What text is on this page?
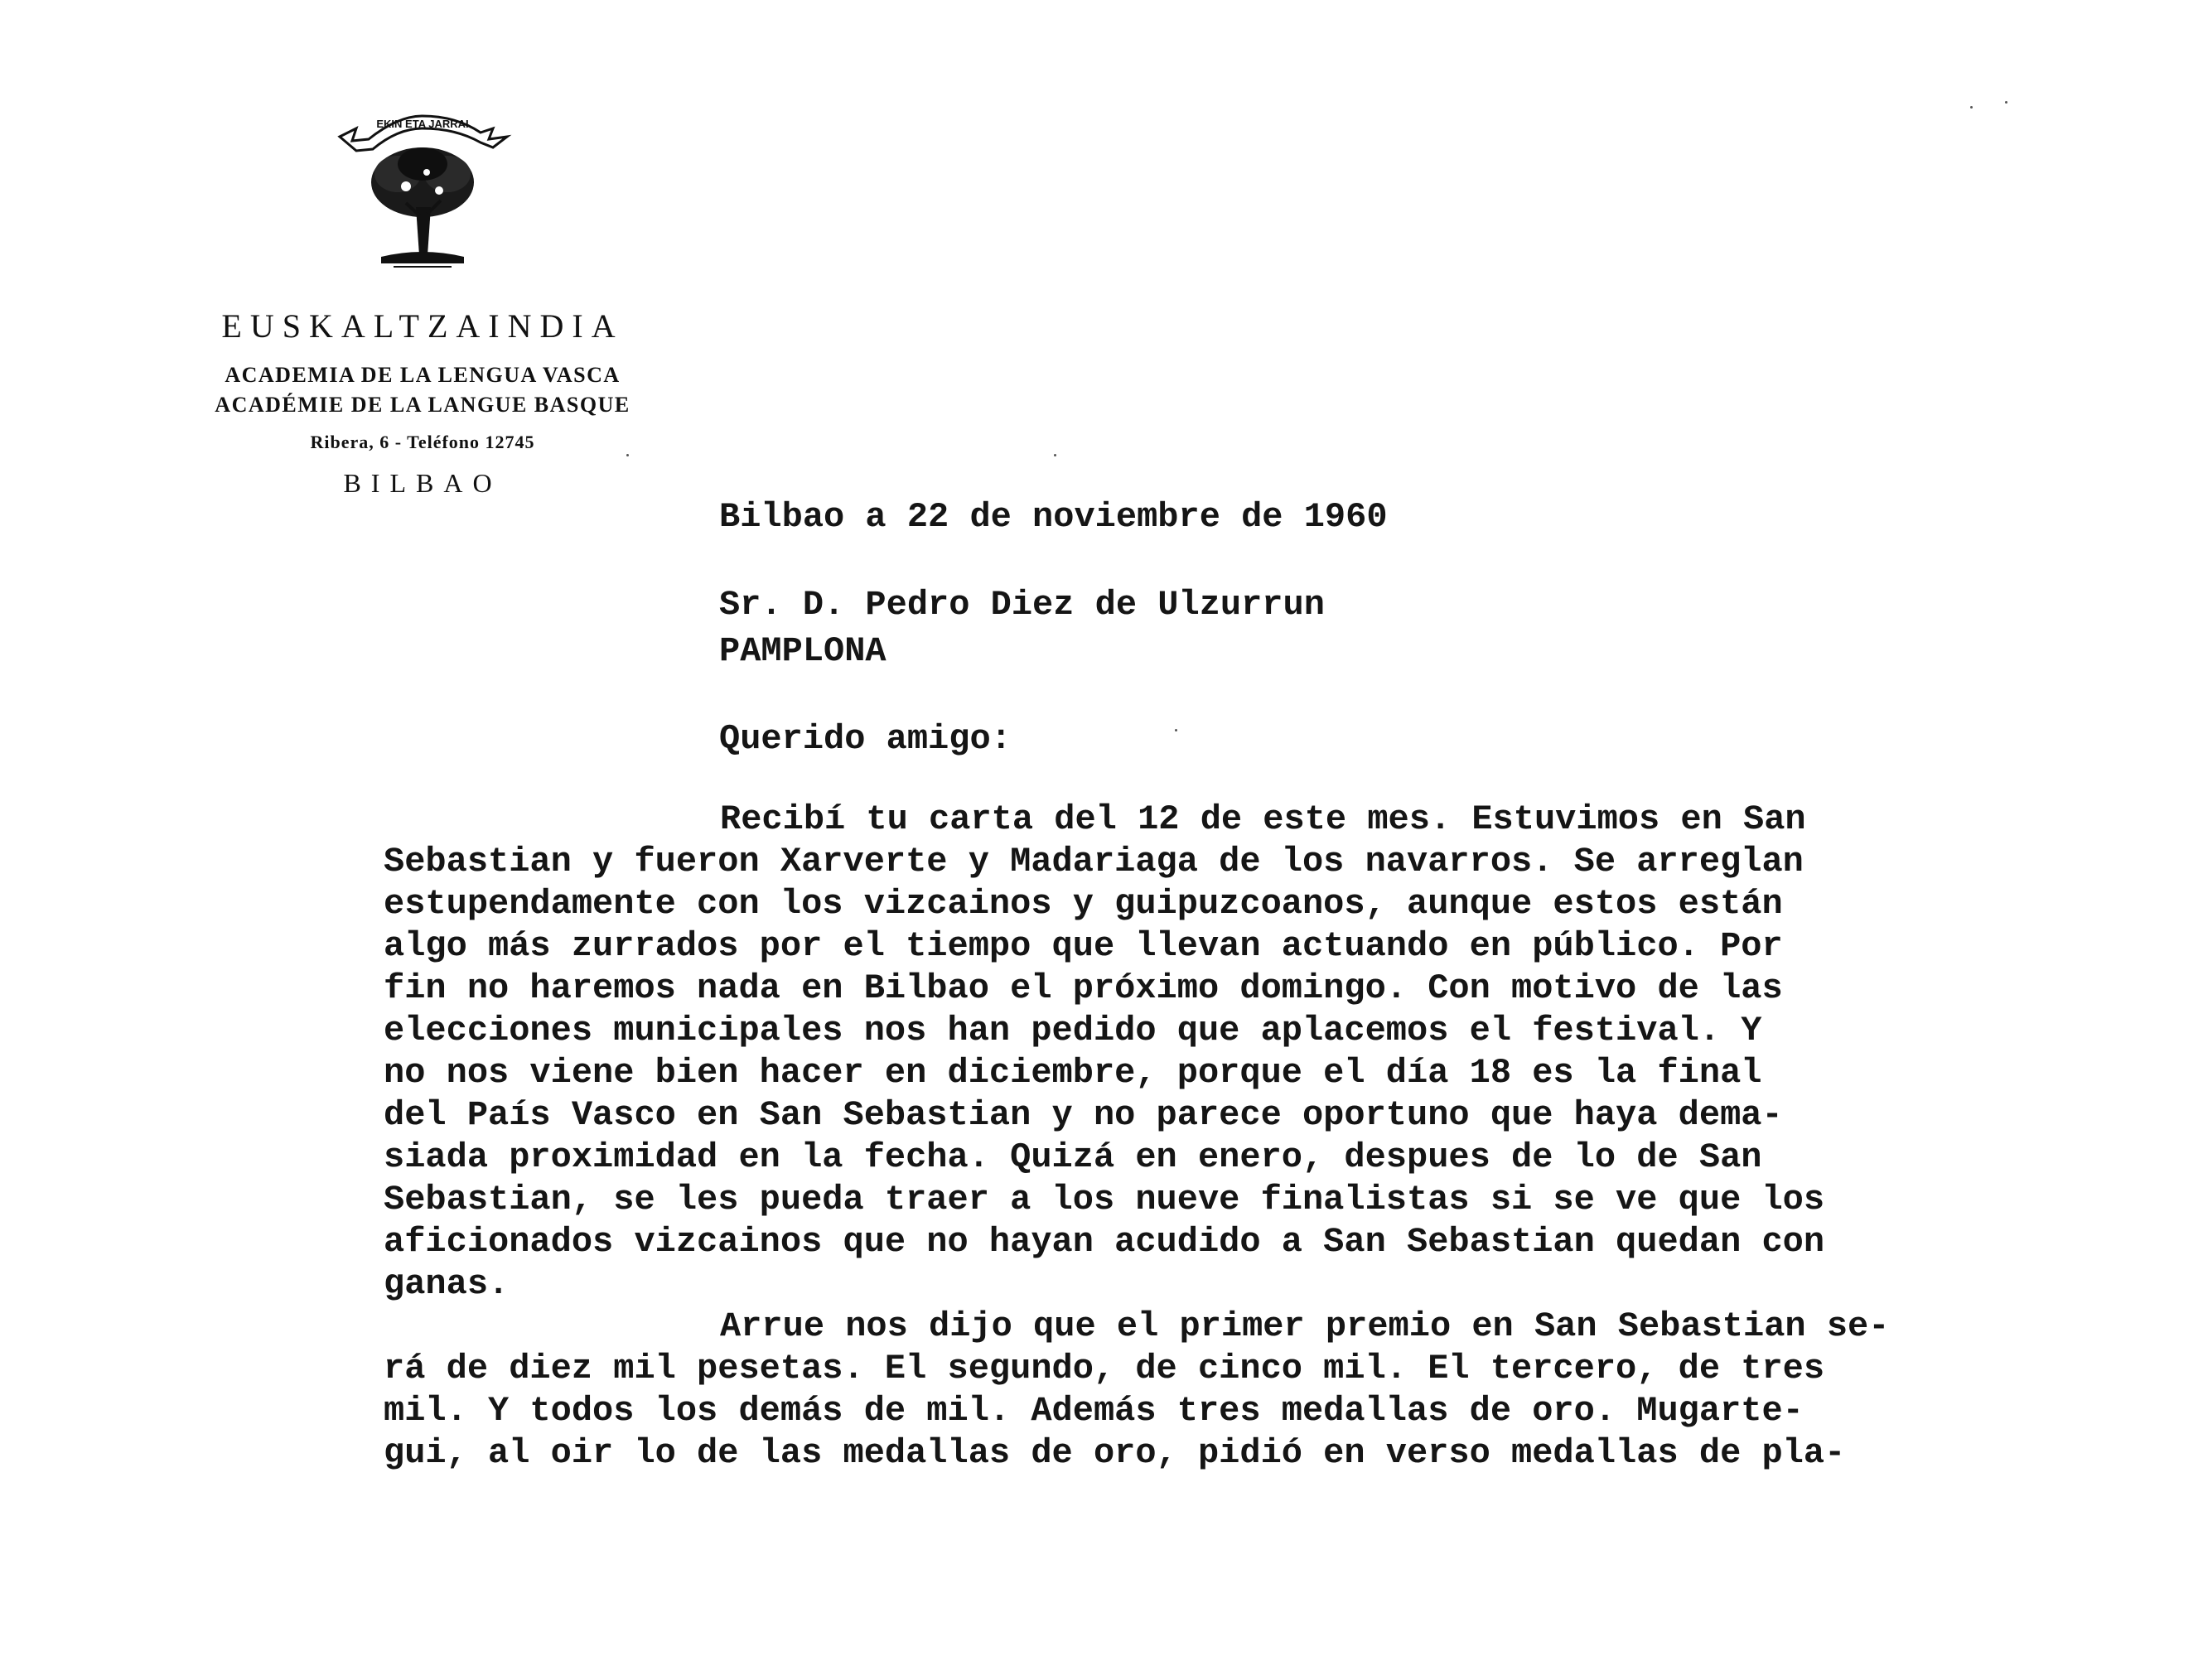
EKIN ETA JARRAI
EUSKALTZAINDIA
ACADEMIA DE LA LENGUA VASCA
ACADÉMIE DE LA LANGUE BASQUE
Ribera, 6 - Teléfono 12745
BILBAO
Bilbao a 22 de noviembre de 1960
Sr. D. Pedro Diez de Ulzurrun
PAMPLONA
Querido amigo:

Recibí tu carta del 12 de este mes. Estuvimos en San
Sebastian y fueron Xarverte y Madariaga de los navarros. Se arreglan
estupendamente con los vizcainos y guipuzcoanos, aunque estos están
algo más zurrados por el tiempo que llevan actuando en público. Por
fin no haremos nada en Bilbao el próximo domingo. Con motivo de las
elecciones municipales nos han pedido que aplacemos el festival. Y
no nos viene bien hacer en diciembre, porque el día 18 es la final
del País Vasco en San Sebastian y no parece oportuno que haya dema-
siada proximidad en la fecha. Quizá en enero, despues de lo de San
Sebastian, se les pueda traer a los nueve finalistas si se ve que los
aficionados vizcainos que no hayan acudido a San Sebastian quedan con
ganas.

Arrue nos dijo que el primer premio en San Sebastian se-
rá de diez mil pesetas. El segundo, de cinco mil. El tercero, de tres
mil. Y todos los demás de mil. Además tres medallas de oro. Mugarte-
gui, al oir lo de las medallas de oro, pidió en verso medallas de pla-
